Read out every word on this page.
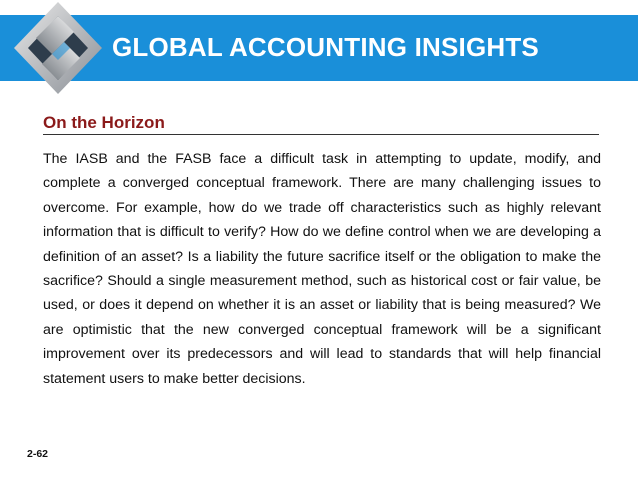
GLOBAL ACCOUNTING INSIGHTS
On the Horizon

The IASB and the FASB face a difficult task in attempting to update, modify, and complete a converged conceptual framework. There are many challenging issues to overcome. For example, how do we trade off characteristics such as highly relevant information that is difficult to verify? How do we define control when we are developing a definition of an asset? Is a liability the future sacrifice itself or the obligation to make the sacrifice? Should a single measurement method, such as historical cost or fair value, be used, or does it depend on whether it is an asset or liability that is being measured? We are optimistic that the new converged conceptual framework will be a significant improvement over its predecessors and will lead to standards that will help financial statement users to make better decisions.

2-62
